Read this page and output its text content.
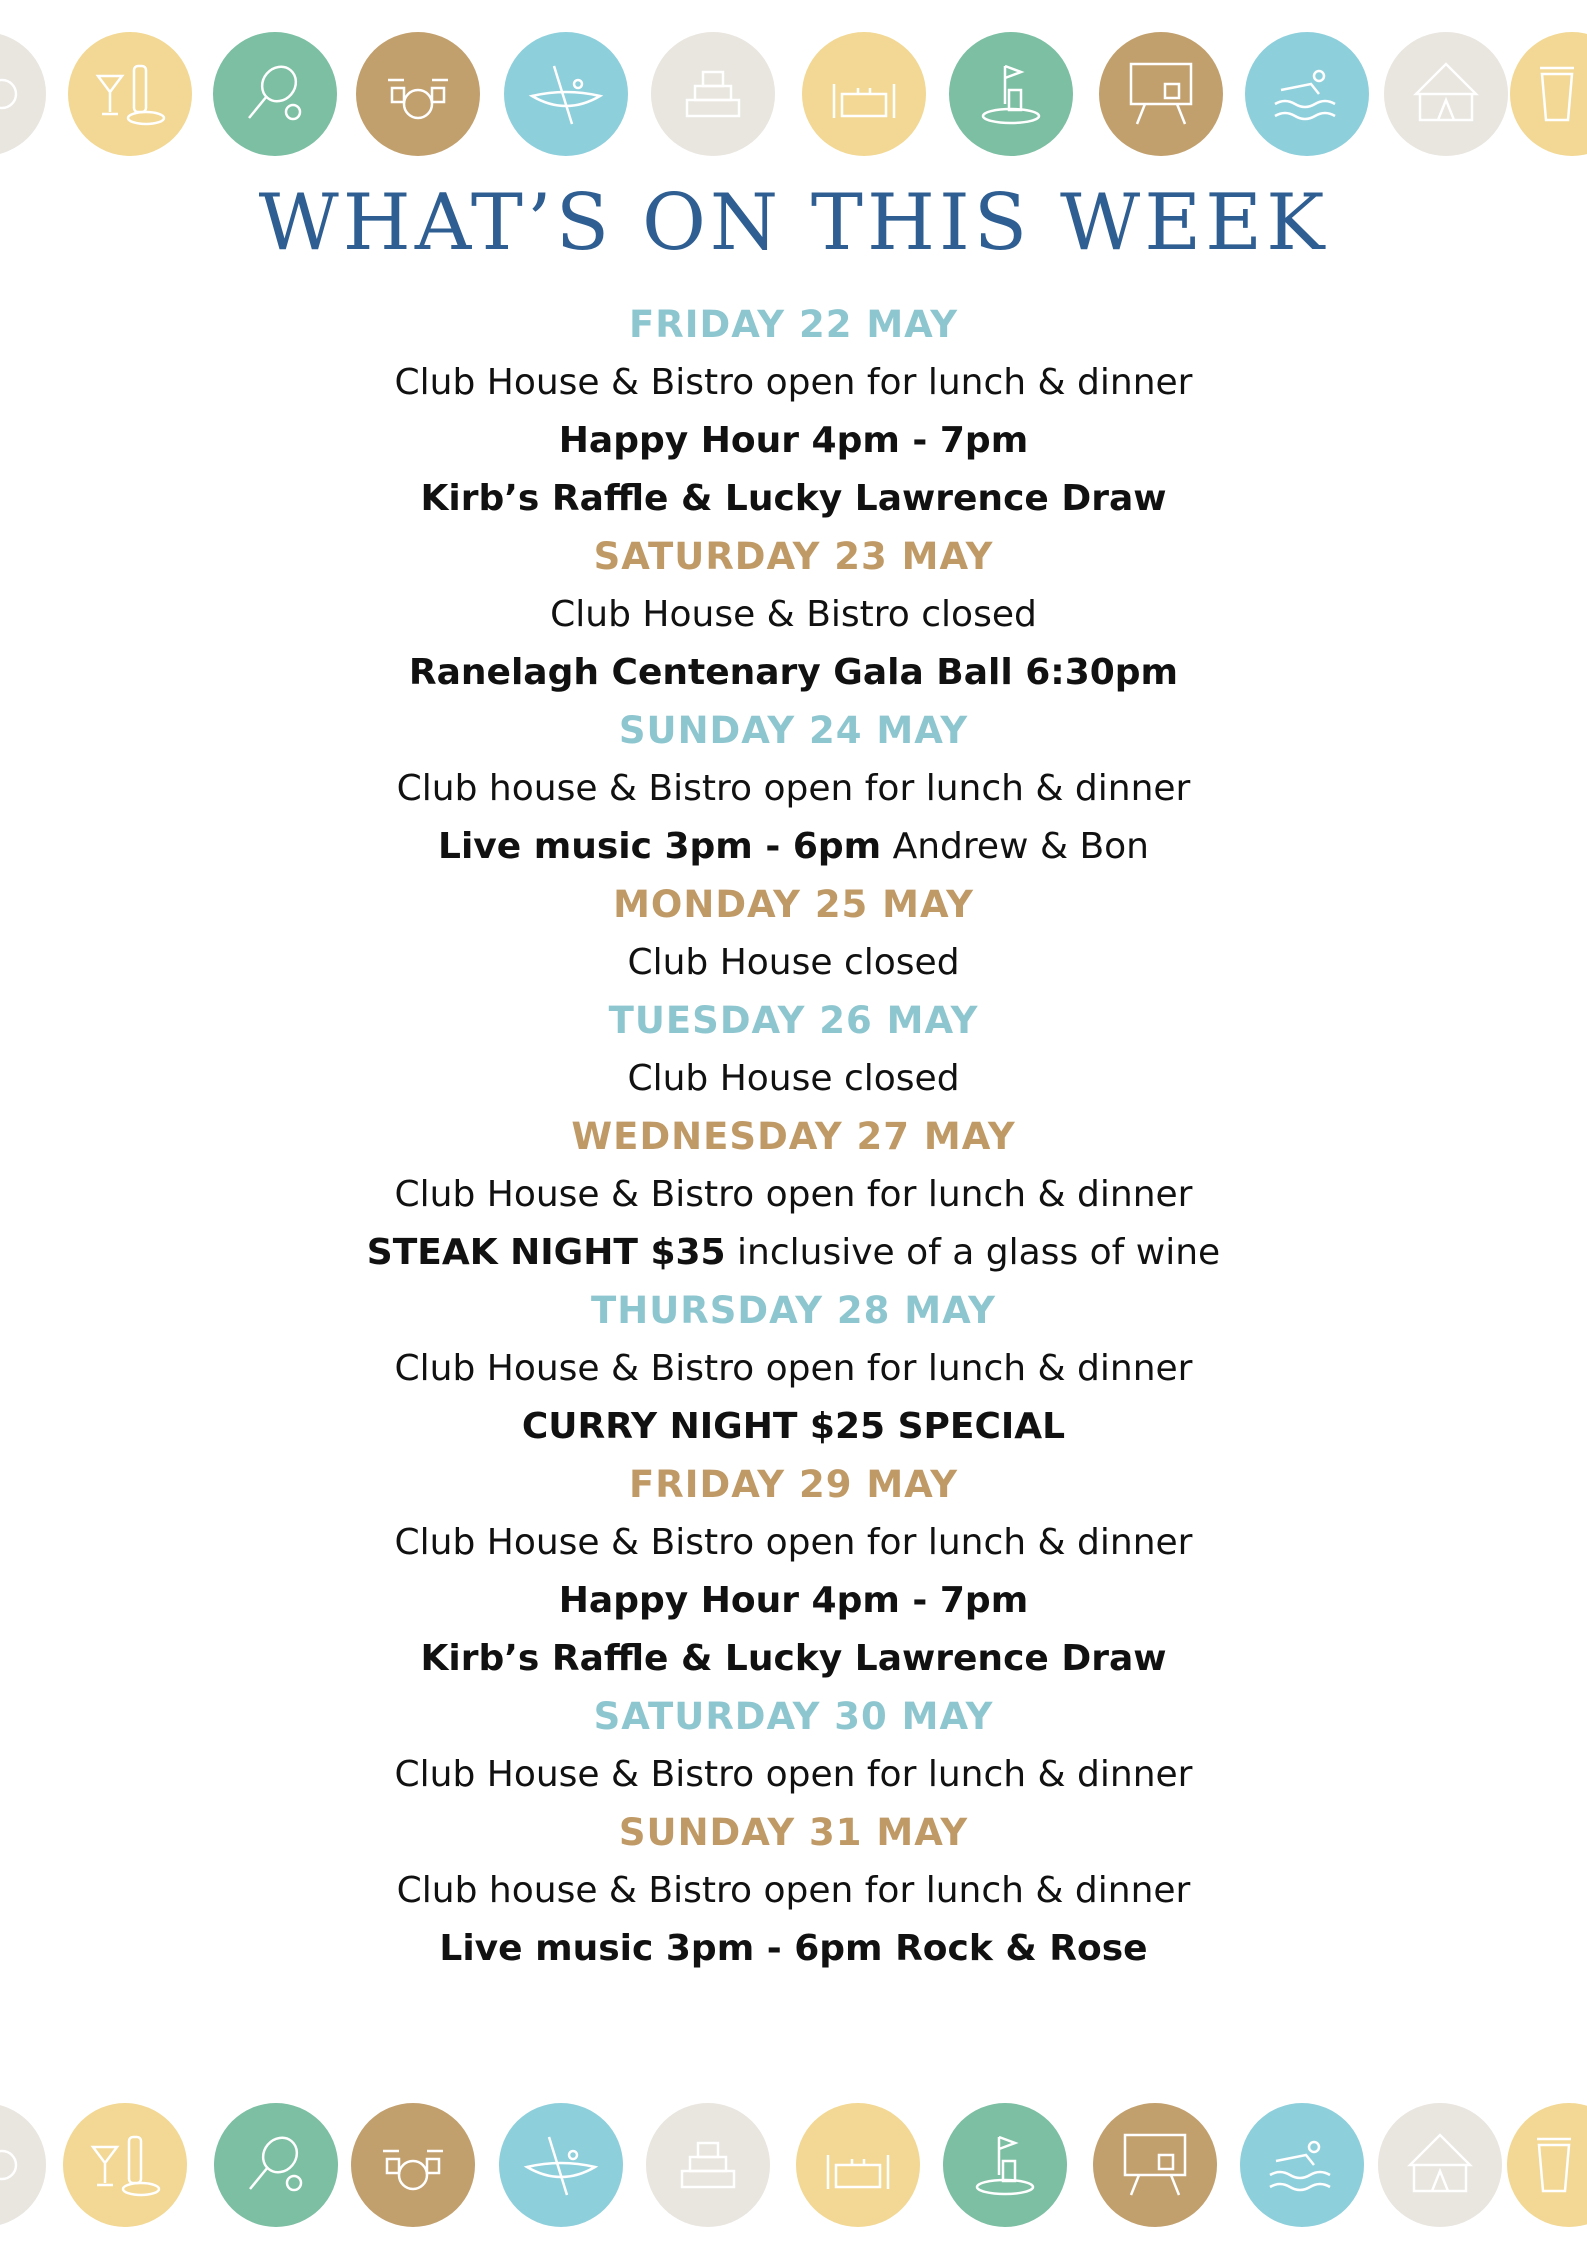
WHAT’S ON THIS WEEK
FRIDAY 22 MAY
Club House & Bistro open for lunch & dinner
Happy Hour 4pm - 7pm
Kirb’s Raffle & Lucky Lawrence Draw
SATURDAY 23 MAY
Club House & Bistro closed
Ranelagh Centenary Gala Ball 6:30pm
SUNDAY 24 MAY
Club house & Bistro open for lunch & dinner
Live music 3pm - 6pm Andrew & Bon
MONDAY 25 MAY
Club House closed
TUESDAY 26 MAY
Club House closed
WEDNESDAY 27 MAY
Club House & Bistro open for lunch & dinner
STEAK NIGHT $35 inclusive of a glass of wine
THURSDAY 28 MAY
Club House & Bistro open for lunch & dinner
CURRY NIGHT $25 SPECIAL
FRIDAY 29 MAY
Club House & Bistro open for lunch & dinner
Happy Hour 4pm - 7pm
Kirb’s Raffle & Lucky Lawrence Draw
SATURDAY 30 MAY
Club House & Bistro open for lunch & dinner
SUNDAY 31 MAY
Club house & Bistro open for lunch & dinner
Live music 3pm - 6pm Rock & Rose
